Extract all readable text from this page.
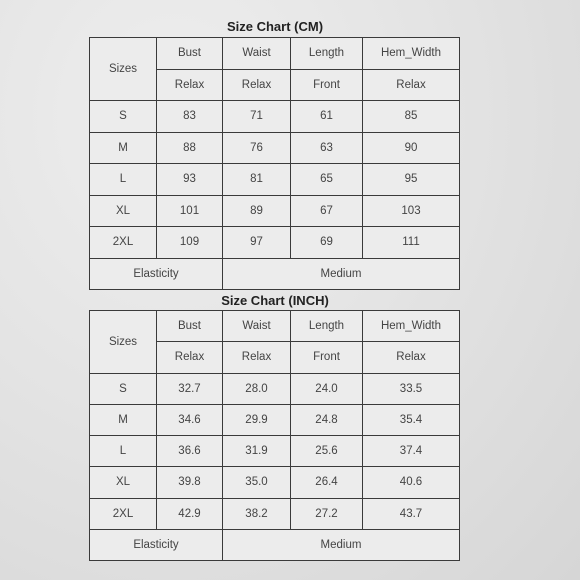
Size Chart (CM)
Sizes	Bust	Waist	Length	Hem_Width
	Relax	Relax	Front	Relax
S	83	71	61	85
M	88	76	63	90
L	93	81	65	95
XL	101	89	67	103
2XL	109	97	69	111
Elasticity		Medium		
Size Chart (INCH)
Sizes	Bust	Waist	Length	Hem_Width
	Relax	Relax	Front	Relax
S	32.7	28.0	24.0	33.5
M	34.6	29.9	24.8	35.4
L	36.6	31.9	25.6	37.4
XL	39.8	35.0	26.4	40.6
2XL	42.9	38.2	27.2	43.7
Elasticity		Medium		
